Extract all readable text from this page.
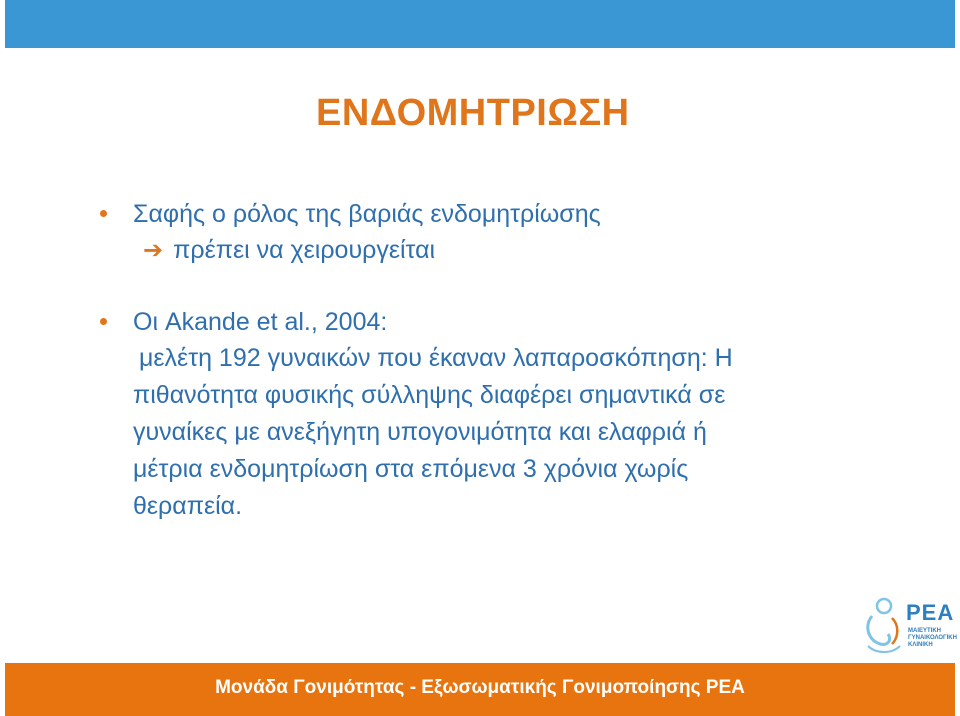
ΕΝΔΟΜΗΤΡΙΩΣΗ
Σαφής ο ρόλος της βαριάς ενδομητρίωσης
➔ πρέπει να χειρουργείται
Οι Akande et al., 2004:
μελέτη 192 γυναικών που έκαναν λαπαροσκόπηση: Η
πιθανότητα φυσικής σύλληψης διαφέρει σημαντικά σε
γυναίκες με ανεξήγητη υπογονιμότητα και ελαφριά ή
μέτρια ενδομητρίωση στα επόμενα 3 χρόνια χωρίς
θεραπεία.
ΡΕΑ
ΜΑΙΕΥΤΙΚΗ
ΓΥΝΑΙΚΟΛΟΓΙΚΗ
ΚΛΙΝΙΚΗ
Μονάδα Γονιμότητας - Εξωσωματικής Γονιμοποίησης ΡΕΑ
